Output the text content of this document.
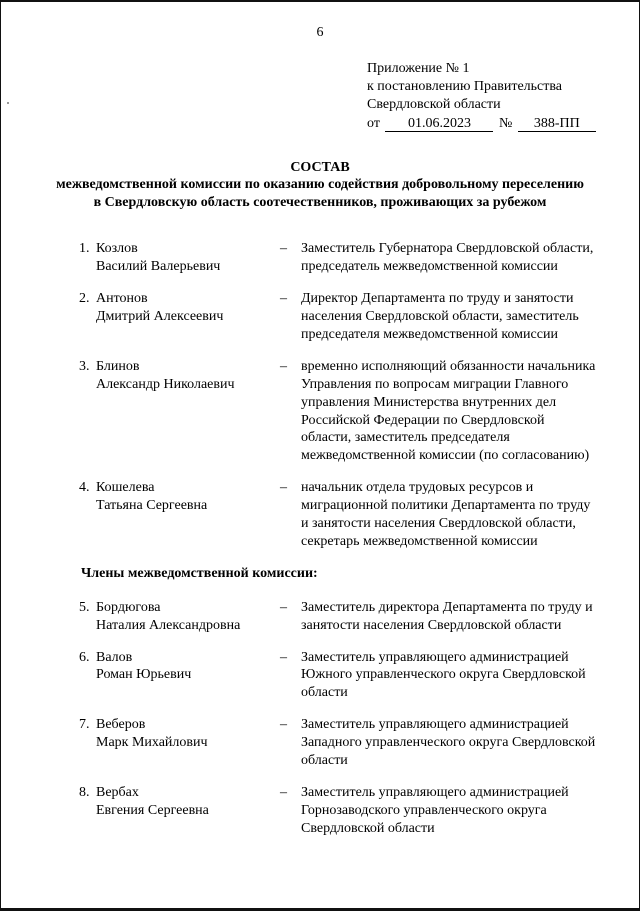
6
Приложение № 1
к постановлению Правительства
Свердловской области
от 01.06.2023 № 388-ПП
СОСТАВ
межведомственной комиссии по оказанию содействия добровольному переселению
в Свердловскую область соотечественников, проживающих за рубежом
1. Козлов
Василий Валерьевич
–	Заместитель Губернатора Свердловской области, председатель межведомственной комиссии
2. Антонов
Дмитрий Алексеевич
–	Директор Департамента по труду и занятости населения Свердловской области, заместитель председателя межведомственной комиссии
3. Блинов
Александр Николаевич
–	временно исполняющий обязанности начальника Управления по вопросам миграции Главного управления Министерства внутренних дел Российской Федерации по Свердловской области, заместитель председателя межведомственной комиссии (по согласованию)
4. Кошелева
Татьяна Сергеевна
–	начальник отдела трудовых ресурсов и миграционной политики Департамента по труду и занятости населения Свердловской области, секретарь межведомственной комиссии
Члены межведомственной комиссии:
5. Бордюгова
Наталия Александровна
–	Заместитель директора Департамента по труду и занятости населения Свердловской области
6. Валов
Роман Юрьевич
–	Заместитель управляющего администрацией Южного управленческого округа Свердловской области
7. Веберов
Марк Михайлович
–	Заместитель управляющего администрацией Западного управленческого округа Свердловской области
8. Вербах
Евгения Сергеевна
–	Заместитель управляющего администрацией Горнозаводского управленческого округа Свердловской области
